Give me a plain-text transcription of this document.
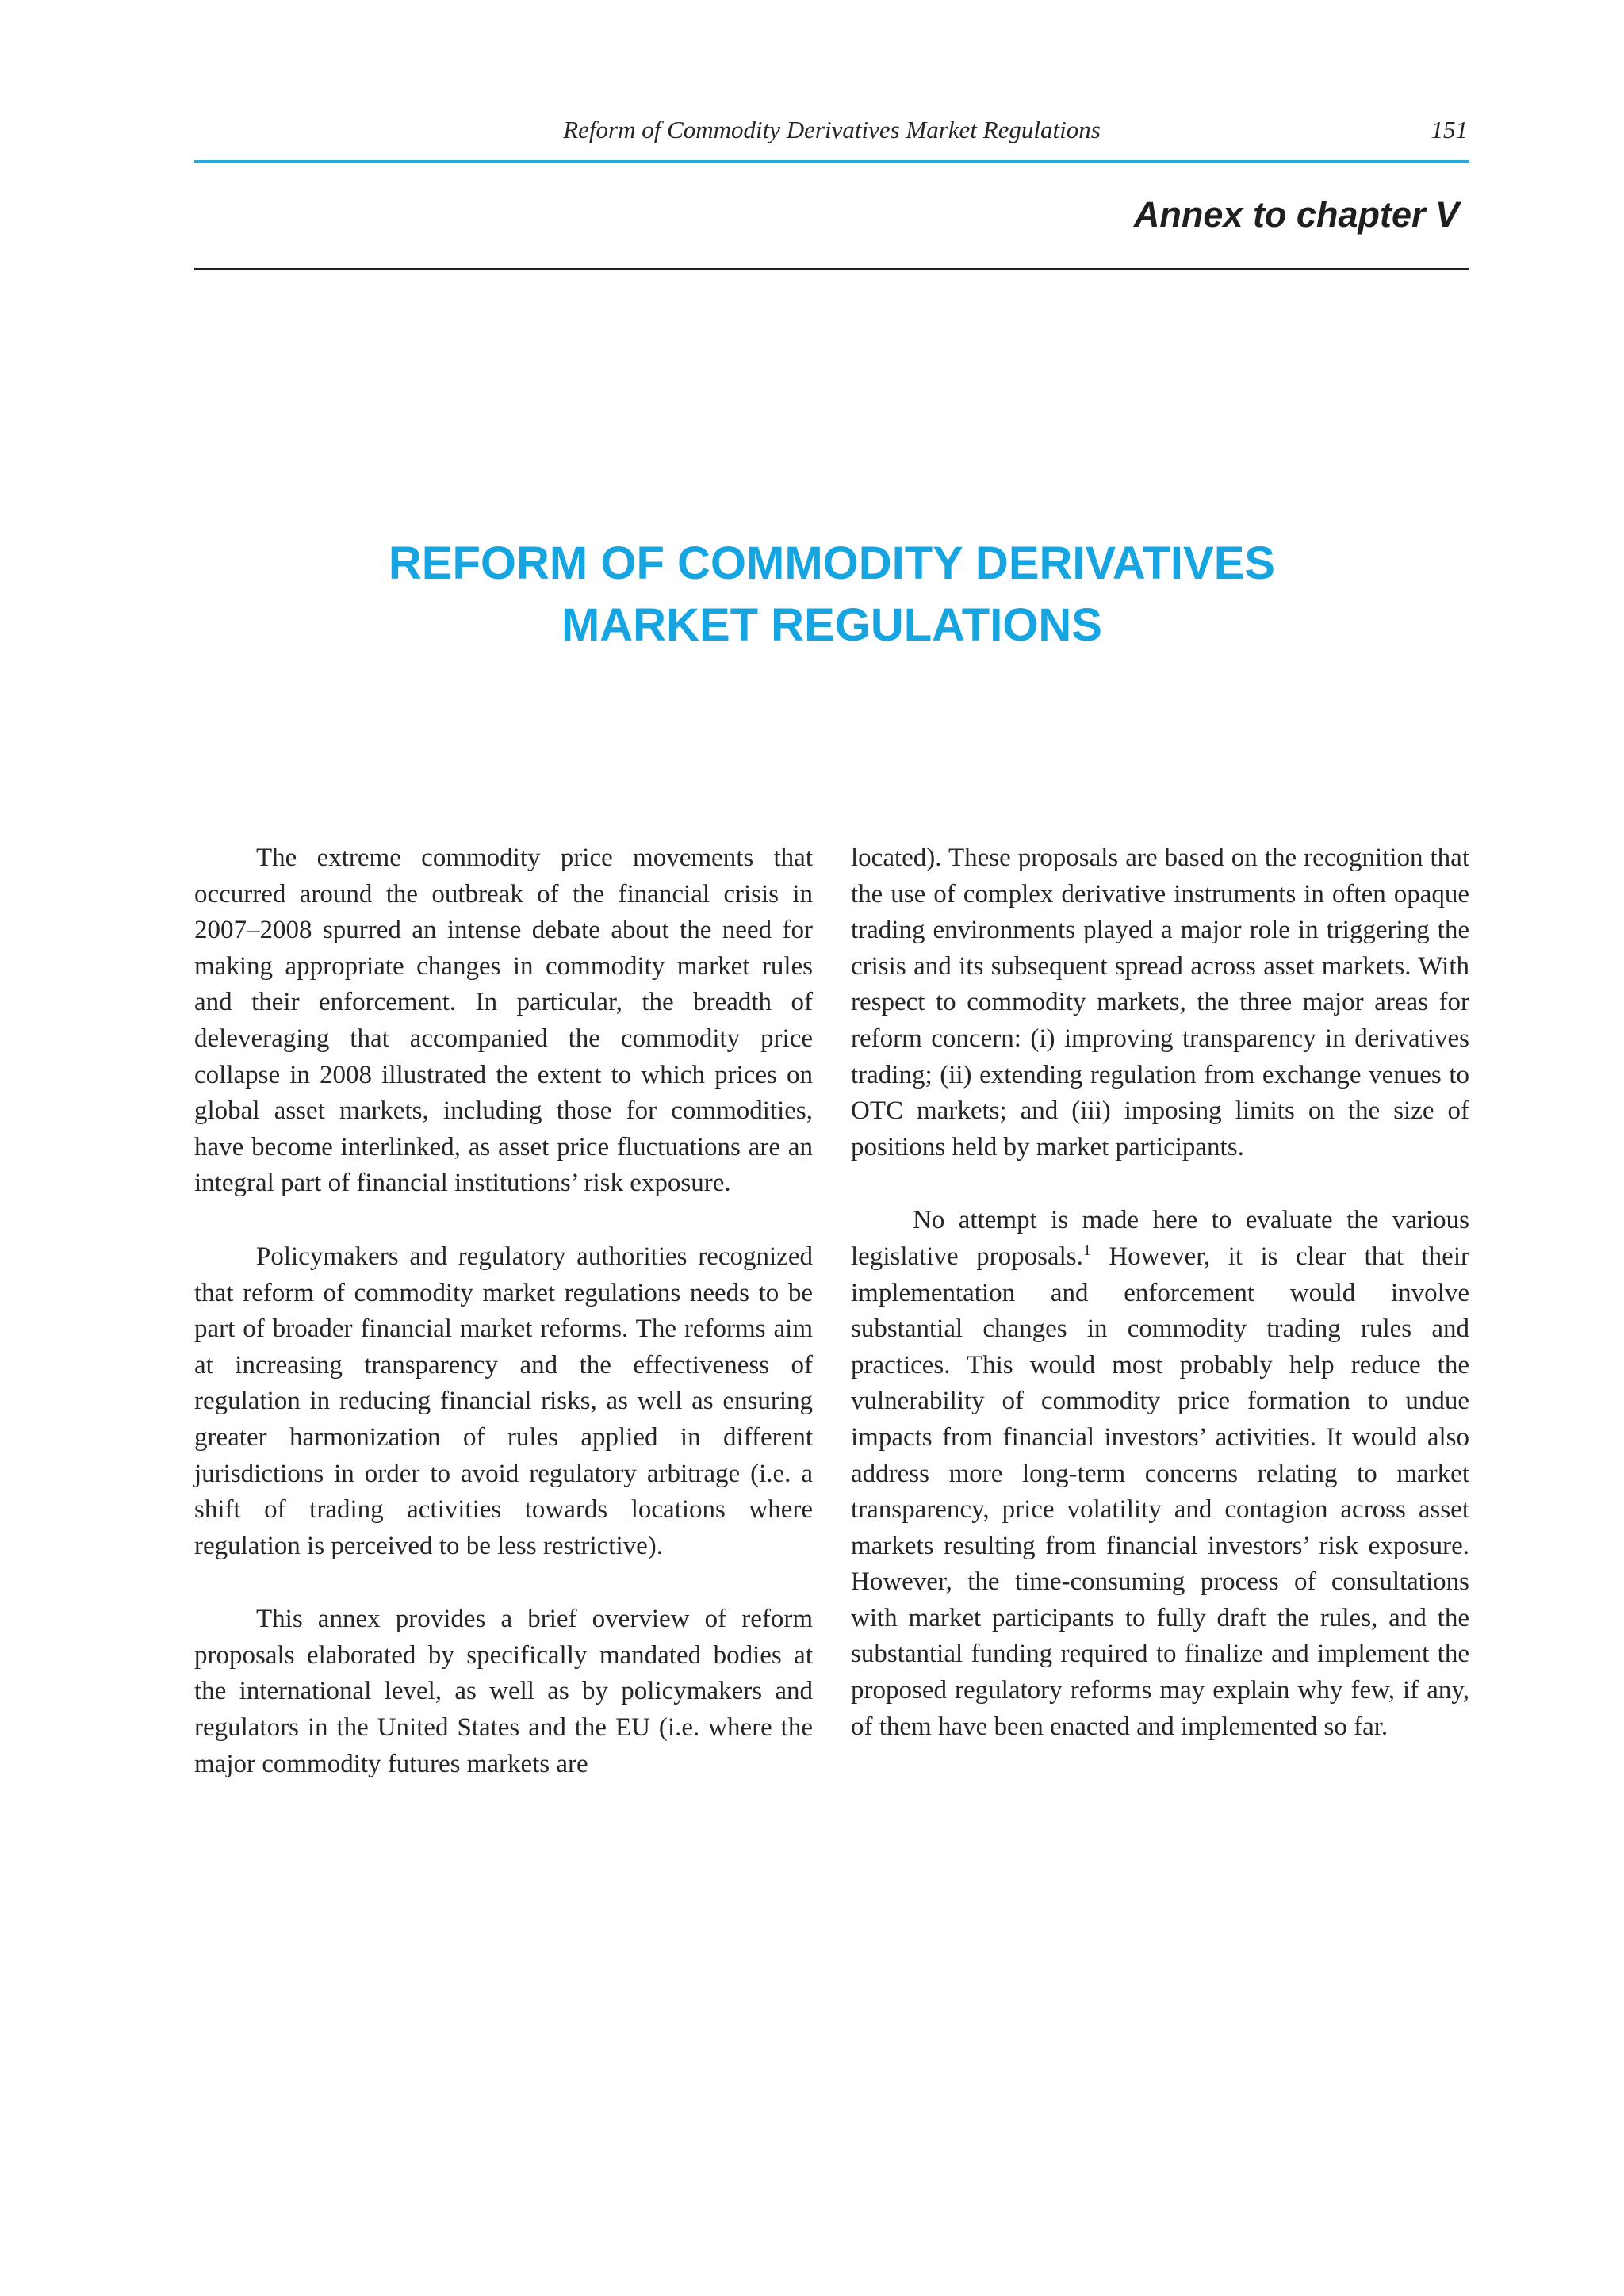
Reform of Commodity Derivatives Market Regulations	151
Annex to chapter V
REFORM OF COMMODITY DERIVATIVES
MARKET REGULATIONS

The extreme commodity price movements that occurred around the outbreak of the financial crisis in 2007–2008 spurred an intense debate about the need for making appropriate changes in commodity market rules and their enforcement. In particular, the breadth of deleveraging that accompanied the commodity price collapse in 2008 illustrated the extent to which prices on global asset markets, including those for commodities, have become interlinked, as asset price fluctuations are an integral part of financial institutions’ risk exposure.

Policymakers and regulatory authorities recognized that reform of commodity market regulations needs to be part of broader financial market reforms. The reforms aim at increasing transparency and the effectiveness of regulation in reducing financial risks, as well as ensuring greater harmonization of rules applied in different jurisdictions in order to avoid regulatory arbitrage (i.e. a shift of trading activities towards locations where regulation is perceived to be less restrictive).

This annex provides a brief overview of reform proposals elaborated by specifically mandated bodies at the international level, as well as by policymakers and regulators in the United States and the EU (i.e. where the major commodity futures markets are

located). These proposals are based on the recognition that the use of complex derivative instruments in often opaque trading environments played a major role in triggering the crisis and its subsequent spread across asset markets. With respect to commodity markets, the three major areas for reform concern: (i) improving transparency in derivatives trading; (ii) extending regulation from exchange venues to OTC markets; and (iii) imposing limits on the size of positions held by market participants.

No attempt is made here to evaluate the various legislative proposals.$^1$ However, it is clear that their implementation and enforcement would involve substantial changes in commodity trading rules and practices. This would most probably help reduce the vulnerability of commodity price formation to undue impacts from financial investors’ activities. It would also address more long-term concerns relating to market transparency, price volatility and contagion across asset markets resulting from financial investors’ risk exposure. However, the time-consuming process of consultations with market participants to fully draft the rules, and the substantial funding required to finalize and implement the proposed regulatory reforms may explain why few, if any, of them have been enacted and implemented so far.
